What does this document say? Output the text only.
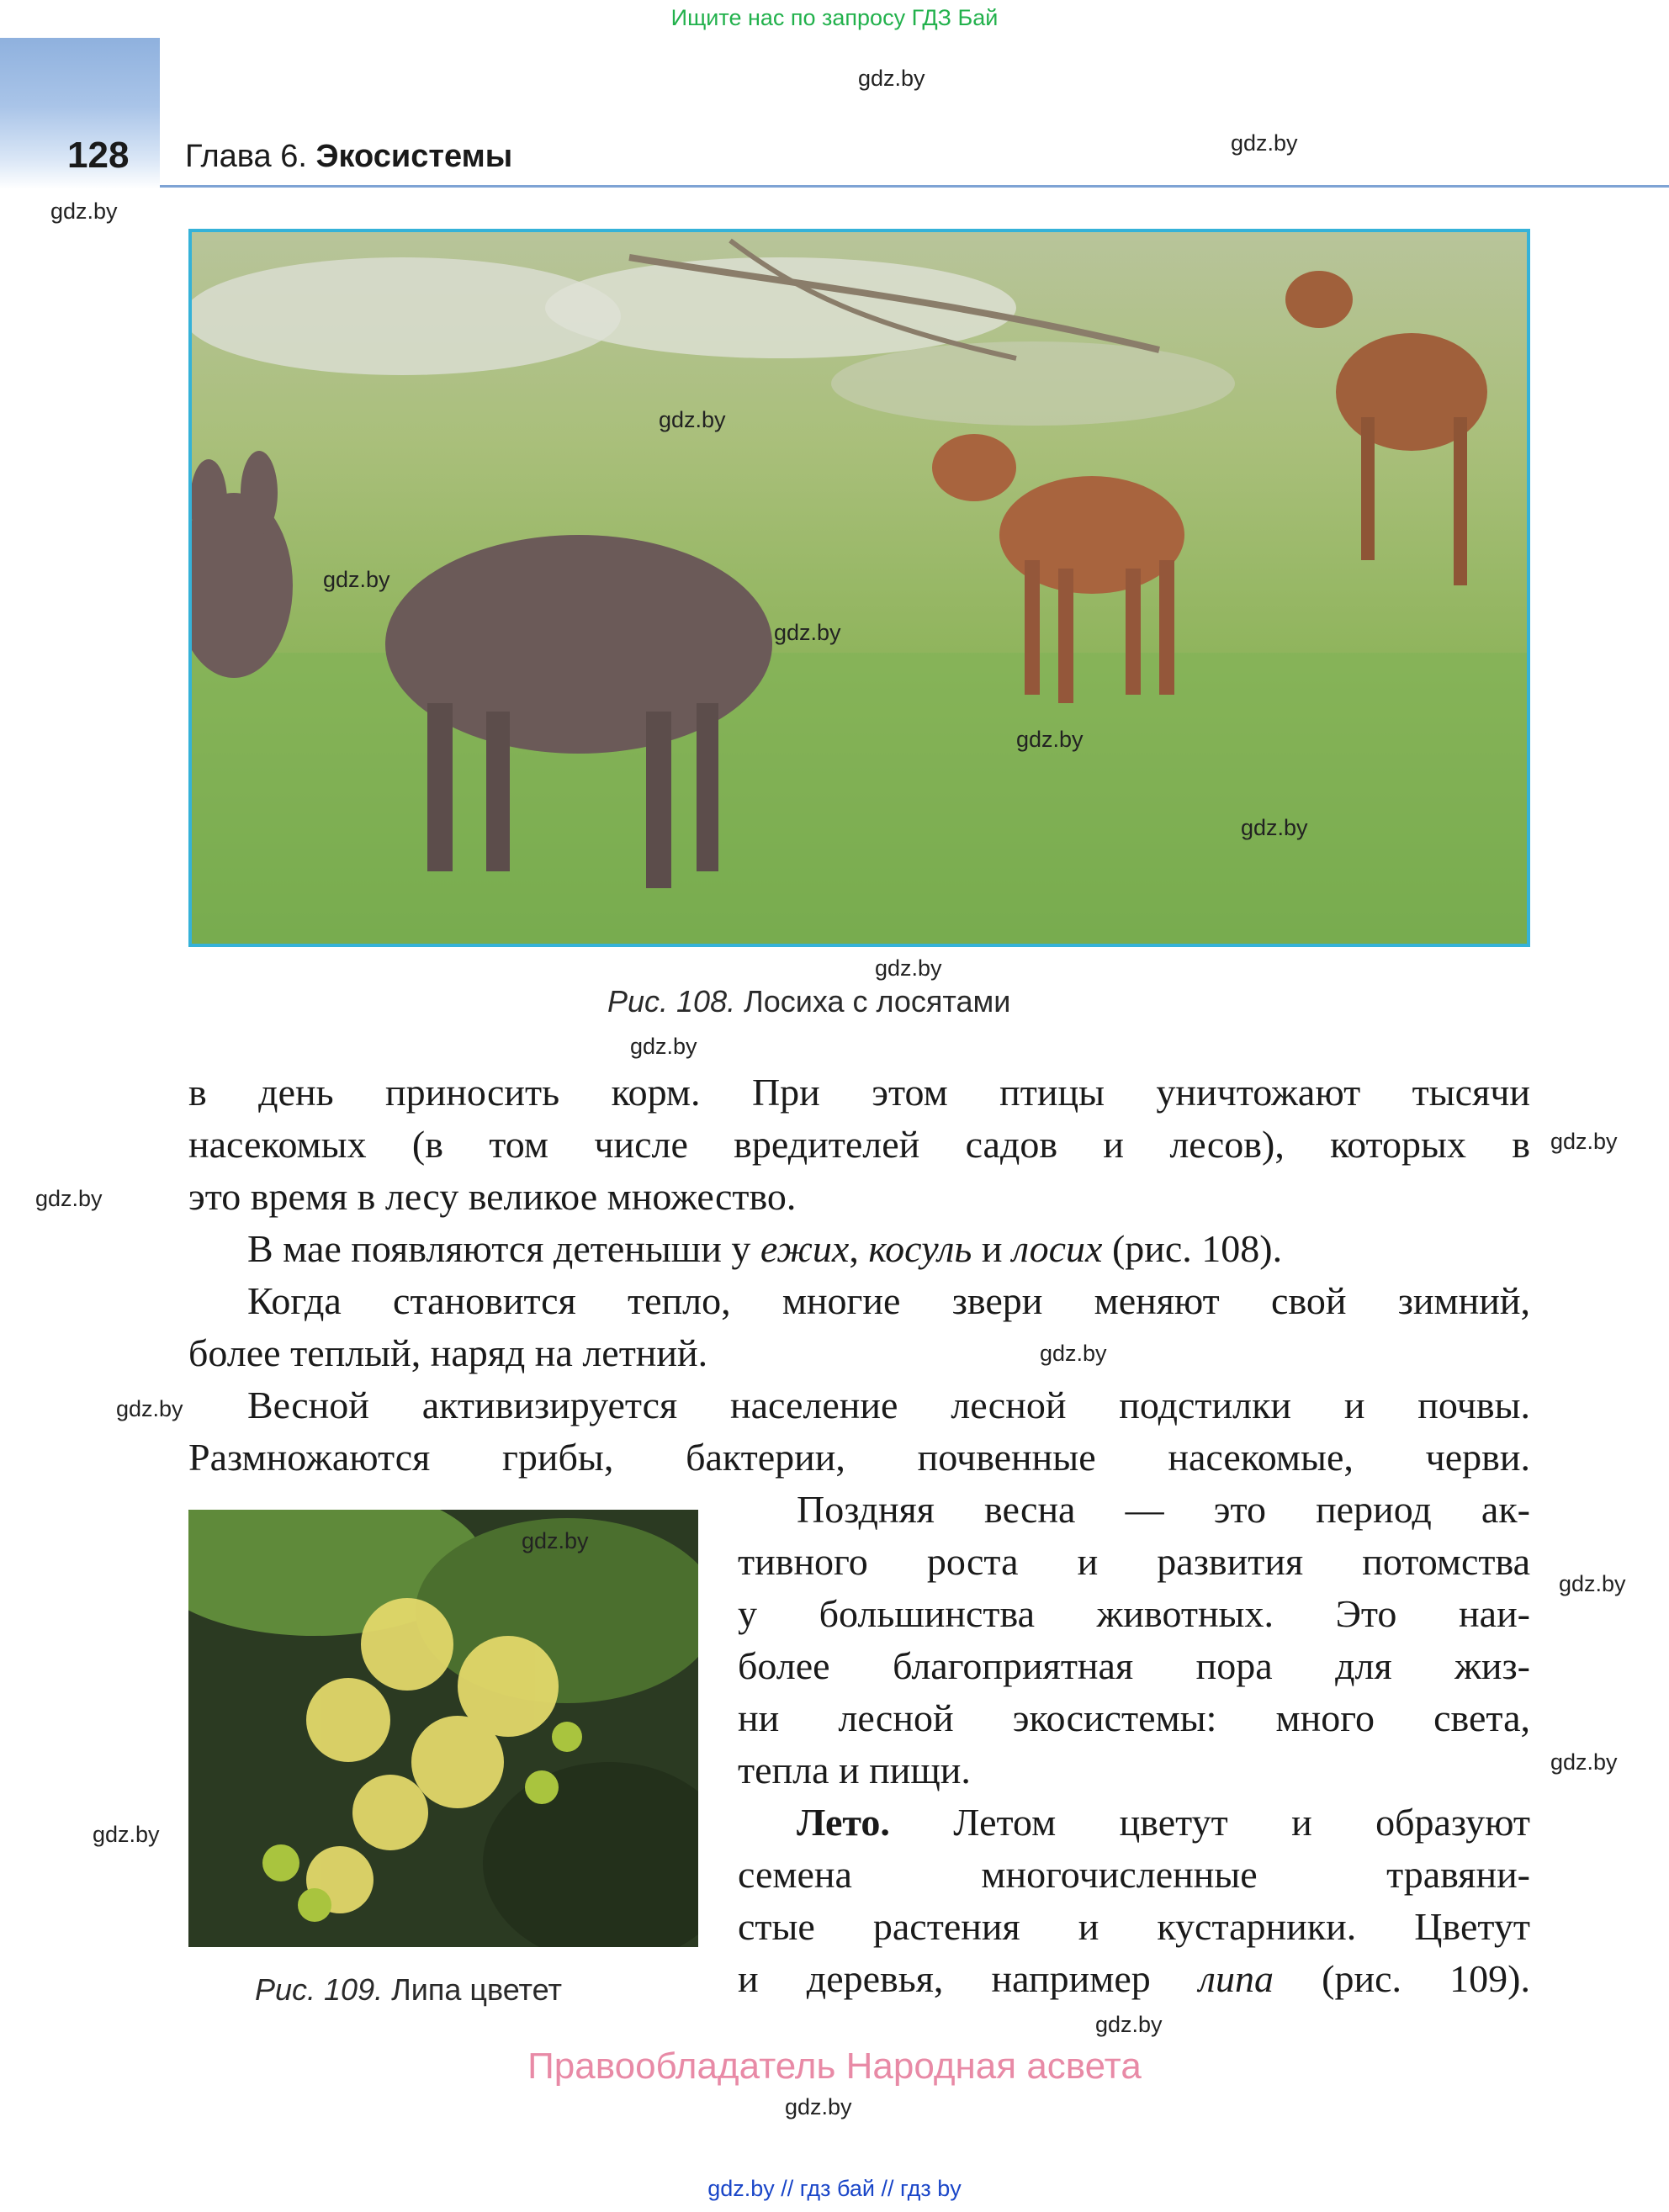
Ищите нас по запросу ГДЗ Бай
128 Глава 6. Экосистемы
Рис. 108. Лосиха с лосятами
в день приносить корм. При этом птицы уничтожают тысячи
насекомых (в том числе вредителей садов и лесов), которых в
это время в лесу великое множество.
В мае появляются детеныши у ежих, косуль и лосих (рис. 108).
Когда становится тепло, многие звери меняют свой зимний,
более теплый, наряд на летний.
Весной активизируется население лесной подстилки и почвы.
Размножаются грибы, бактерии, почвенные насекомые, черви.
Рис. 109. Липа цветет
Поздняя весна — это период ак-
тивного роста и развития потомства
у большинства животных. Это наи-
более благоприятная пора для жиз-
ни лесной экосистемы: много света,
тепла и пищи.
Лето. Летом цветут и образуют
семена многочисленные травяни-
стые растения и кустарники. Цветут
и деревья, например липа (рис. 109).
gdz.by
gdz.by
gdz.by
gdz.by
gdz.by
gdz.by
gdz.by
gdz.by
gdz.by
gdz.by
gdz.by
gdz.by
gdz.by
gdz.by
gdz.by
gdz.by
gdz.by
gdz.by
gdz.by
gdz.by
Правообладатель Народная асвета
gdz.by // гдз бай // гдз by
